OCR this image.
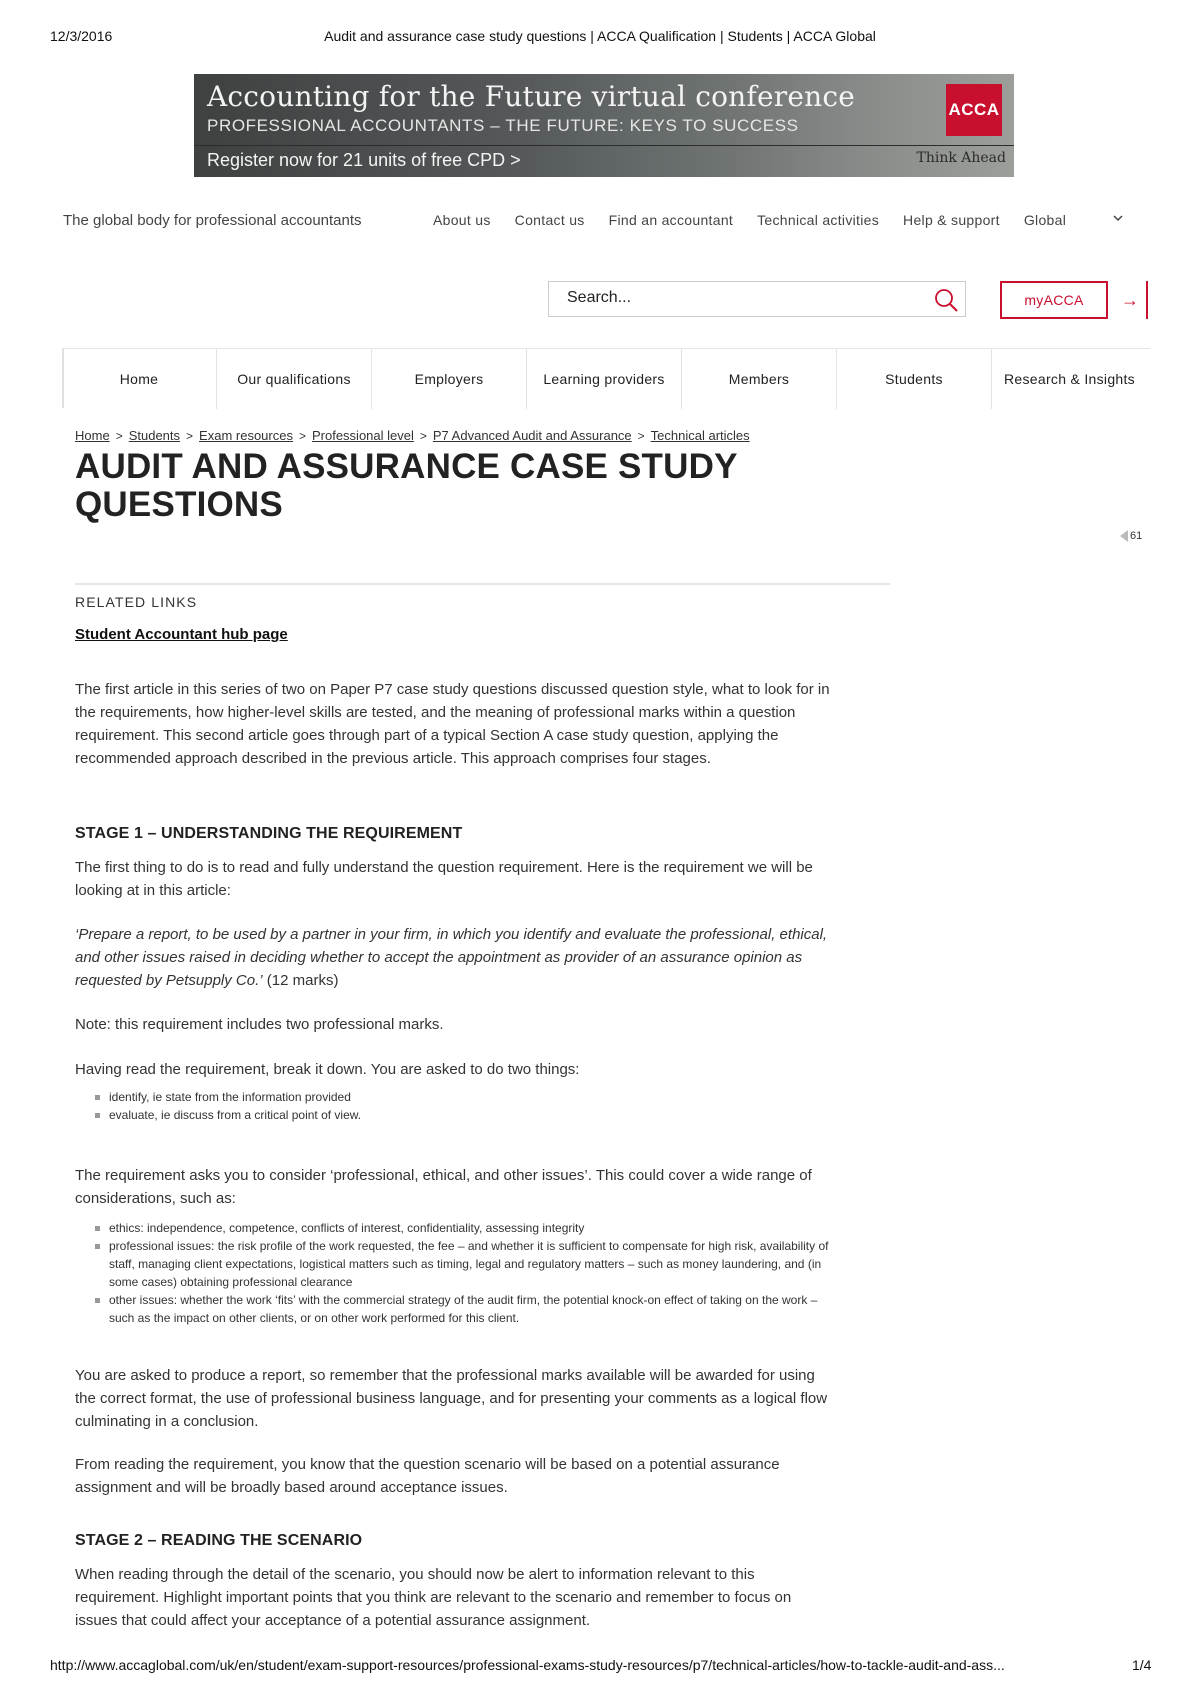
12/3/2016	Audit and assurance case study questions | ACCA Qualification | Students | ACCA Global
Accounting for the Future virtual conference
PROFESSIONAL ACCOUNTANTS – THE FUTURE: KEYS TO SUCCESS
Register now for 21 units of free CPD >
ACCA
Think Ahead
The global body for professional accountants	About us Contact us Find an accountant Technical activities Help & support Global
Search...
myACCA	→
Home	Our qualifications	Employers	Learning providers	Members	Students	Research & Insights
Home > Students > Exam resources > Professional level > P7 Advanced Audit and Assurance > Technical articles
AUDIT AND ASSURANCE CASE STUDY QUESTIONS
61
RELATED LINKS
Student Accountant hub page

The first article in this series of two on Paper P7 case study questions discussed question style, what to look for in the requirements, how higher-level skills are tested, and the meaning of professional marks within a question requirement. This second article goes through part of a typical Section A case study question, applying the recommended approach described in the previous article. This approach comprises four stages.

STAGE 1 – UNDERSTANDING THE REQUIREMENT

The first thing to do is to read and fully understand the question requirement. Here is the requirement we will be looking at in this article:

‘Prepare a report, to be used by a partner in your firm, in which you identify and evaluate the professional, ethical, and other issues raised in deciding whether to accept the appointment as provider of an assurance opinion as requested by Petsupply Co.’ (12 marks)

Note: this requirement includes two professional marks.

Having read the requirement, break it down. You are asked to do two things:

identify, ie state from the information provided
evaluate, ie discuss from a critical point of view.

The requirement asks you to consider ‘professional, ethical, and other issues’. This could cover a wide range of considerations, such as:

ethics: independence, competence, conflicts of interest, confidentiality, assessing integrity
professional issues: the risk profile of the work requested, the fee – and whether it is sufficient to compensate for high risk, availability of staff, managing client expectations, logistical matters such as timing, legal and regulatory matters – such as money laundering, and (in some cases) obtaining professional clearance
other issues: whether the work ‘fits’ with the commercial strategy of the audit firm, the potential knock-on effect of taking on the work – such as the impact on other clients, or on other work performed for this client.

You are asked to produce a report, so remember that the professional marks available will be awarded for using the correct format, the use of professional business language, and for presenting your comments as a logical flow culminating in a conclusion.

From reading the requirement, you know that the question scenario will be based on a potential assurance assignment and will be broadly based around acceptance issues.

STAGE 2 – READING THE SCENARIO

When reading through the detail of the scenario, you should now be alert to information relevant to this requirement. Highlight important points that you think are relevant to the scenario and remember to focus on issues that could affect your acceptance of a potential assurance assignment.

http://www.accaglobal.com/uk/en/student/exam-support-resources/professional-exams-study-resources/p7/technical-articles/how-to-tackle-audit-and-ass...	1/4
